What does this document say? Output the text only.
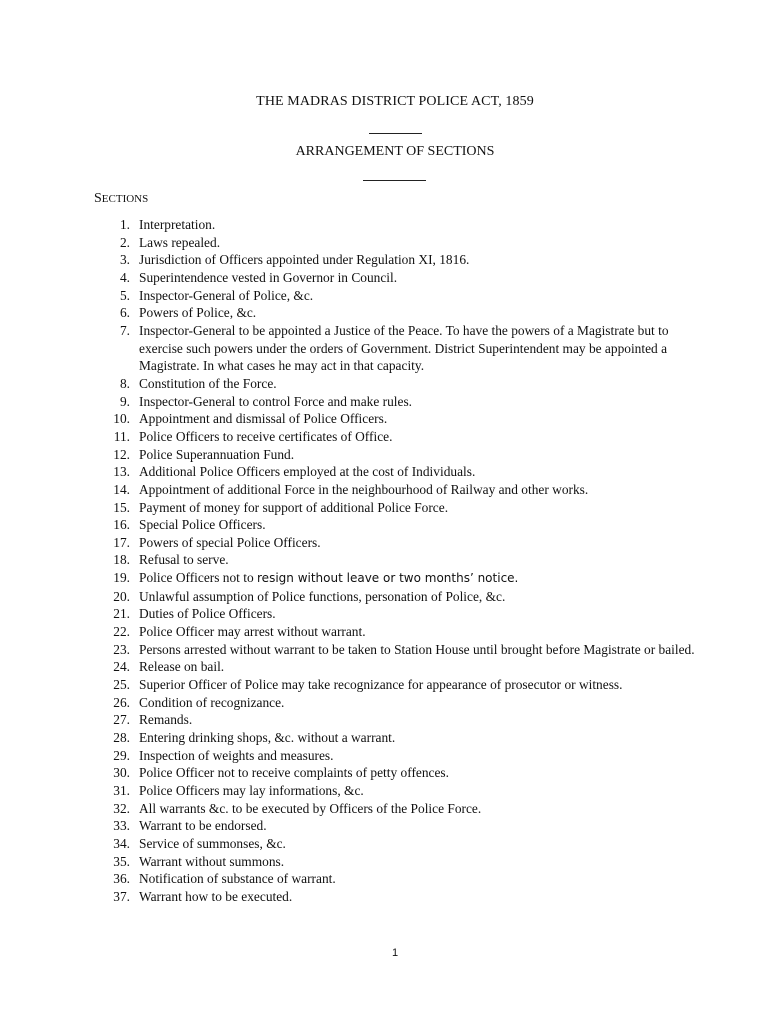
THE MADRAS DISTRICT POLICE ACT, 1859
ARRANGEMENT OF SECTIONS
SECTIONS
1. Interpretation.
2. Laws repealed.
3. Jurisdiction of Officers appointed under Regulation XI, 1816.
4. Superintendence vested in Governor in Council.
5. Inspector-General of Police, &c.
6. Powers of Police, &c.
7. Inspector-General to be appointed a Justice of the Peace. To have the powers of a Magistrate but to exercise such powers under the orders of Government. District Superintendent may be appointed a Magistrate. In what cases he may act in that capacity.
8. Constitution of the Force.
9. Inspector-General to control Force and make rules.
10. Appointment and dismissal of Police Officers.
11. Police Officers to receive certificates of Office.
12. Police Superannuation Fund.
13. Additional Police Officers employed at the cost of Individuals.
14. Appointment of additional Force in the neighbourhood of Railway and other works.
15. Payment of money for support of additional Police Force.
16. Special Police Officers.
17. Powers of special Police Officers.
18. Refusal to serve.
19. Police Officers not to resign without leave or two months’ notice.
20. Unlawful assumption of Police functions, personation of Police, &c.
21. Duties of Police Officers.
22. Police Officer may arrest without warrant.
23. Persons arrested without warrant to be taken to Station House until brought before Magistrate or bailed.
24. Release on bail.
25. Superior Officer of Police may take recognizance for appearance of prosecutor or witness.
26. Condition of recognizance.
27. Remands.
28. Entering drinking shops, &c. without a warrant.
29. Inspection of weights and measures.
30. Police Officer not to receive complaints of petty offences.
31. Police Officers may lay informations, &c.
32. All warrants &c. to be executed by Officers of the Police Force.
33. Warrant to be endorsed.
34. Service of summonses, &c.
35. Warrant without summons.
36. Notification of substance of warrant.
37. Warrant how to be executed.
1
